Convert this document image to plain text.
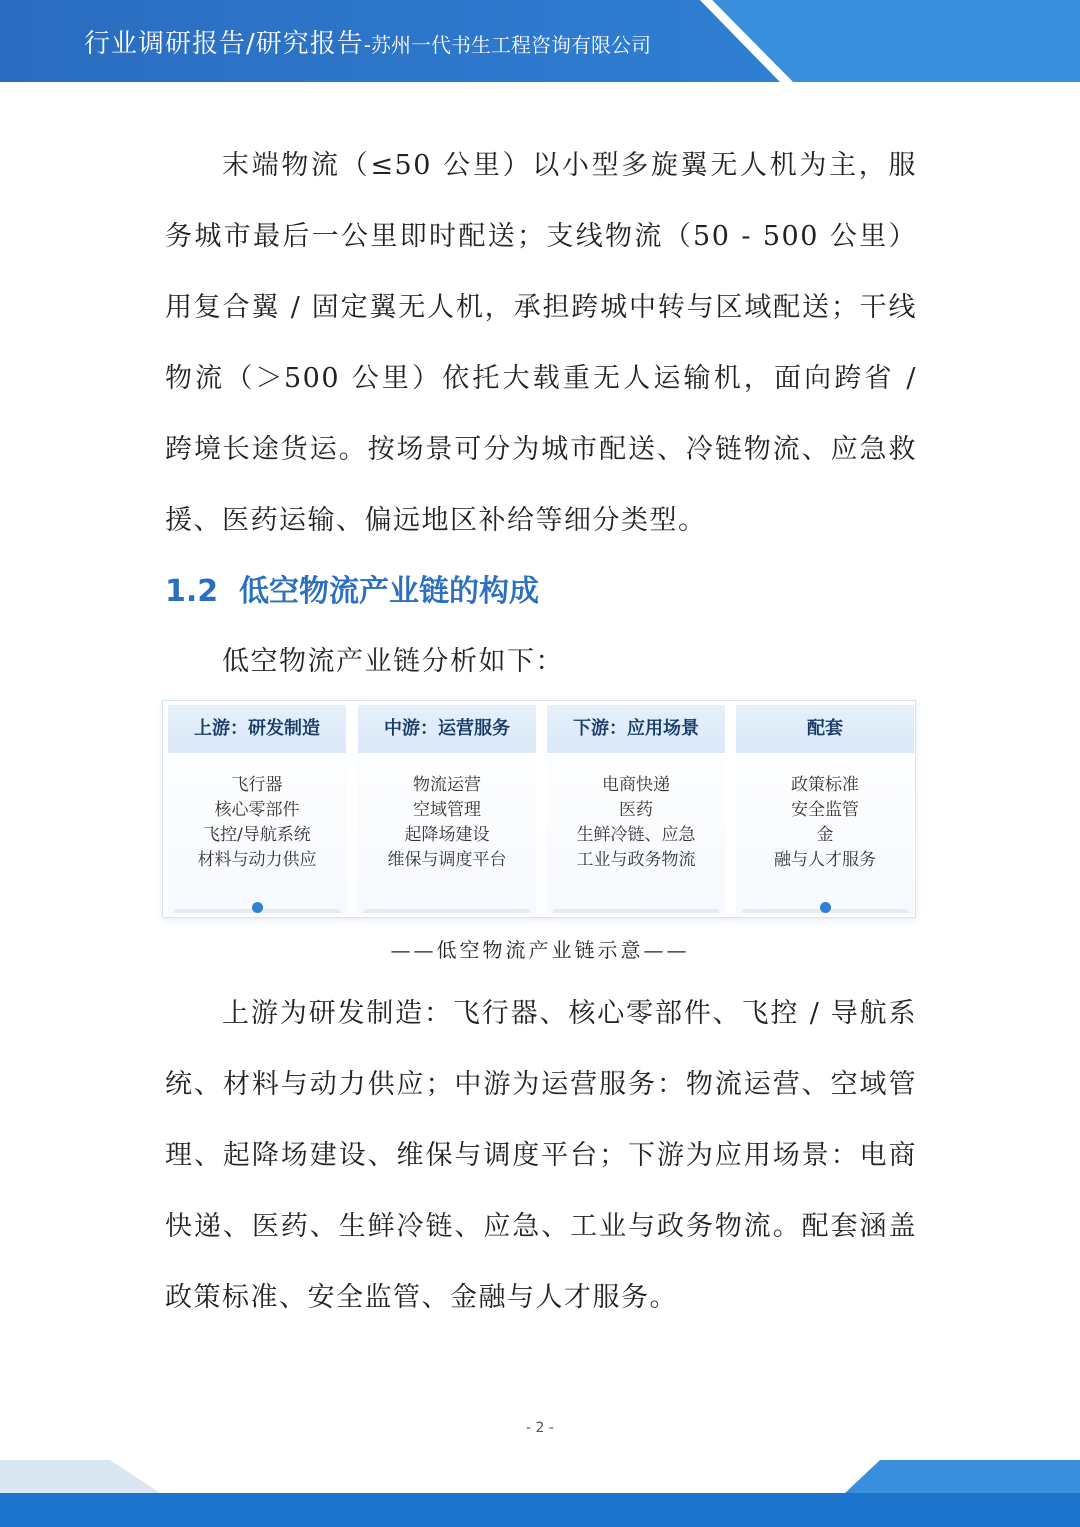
行业调研报告/研究报告-苏州一代书生工程咨询有限公司

末端物流（≤50 公里）以小型多旋翼无人机为主，服务城市最后一公里即时配送；支线物流（50 - 500 公里）用复合翼 / 固定翼无人机，承担跨城中转与区域配送；干线物流（＞500 公里）依托大载重无人运输机，面向跨省 / 跨境长途货运。按场景可分为城市配送、冷链物流、应急救援、医药运输、偏远地区补给等细分类型。

1.2 低空物流产业链的构成

低空物流产业链分析如下：

上游：研发制造
飞行器
核心零部件
飞控/导航系统
材料与动力供应
中游：运营服务
物流运营
空域管理
起降场建设
维保与调度平台
下游：应用场景
电商快递
医药
生鲜冷链、应急
工业与政务物流
配套
政策标准
安全监管
金
融与人才服务
——低空物流产业链示意——

上游为研发制造：飞行器、核心零部件、飞控 / 导航系统、材料与动力供应；中游为运营服务：物流运营、空域管理、起降场建设、维保与调度平台；下游为应用场景：电商快递、医药、生鲜冷链、应急、工业与政务物流。配套涵盖政策标准、安全监管、金融与人才服务。

- 2 -
